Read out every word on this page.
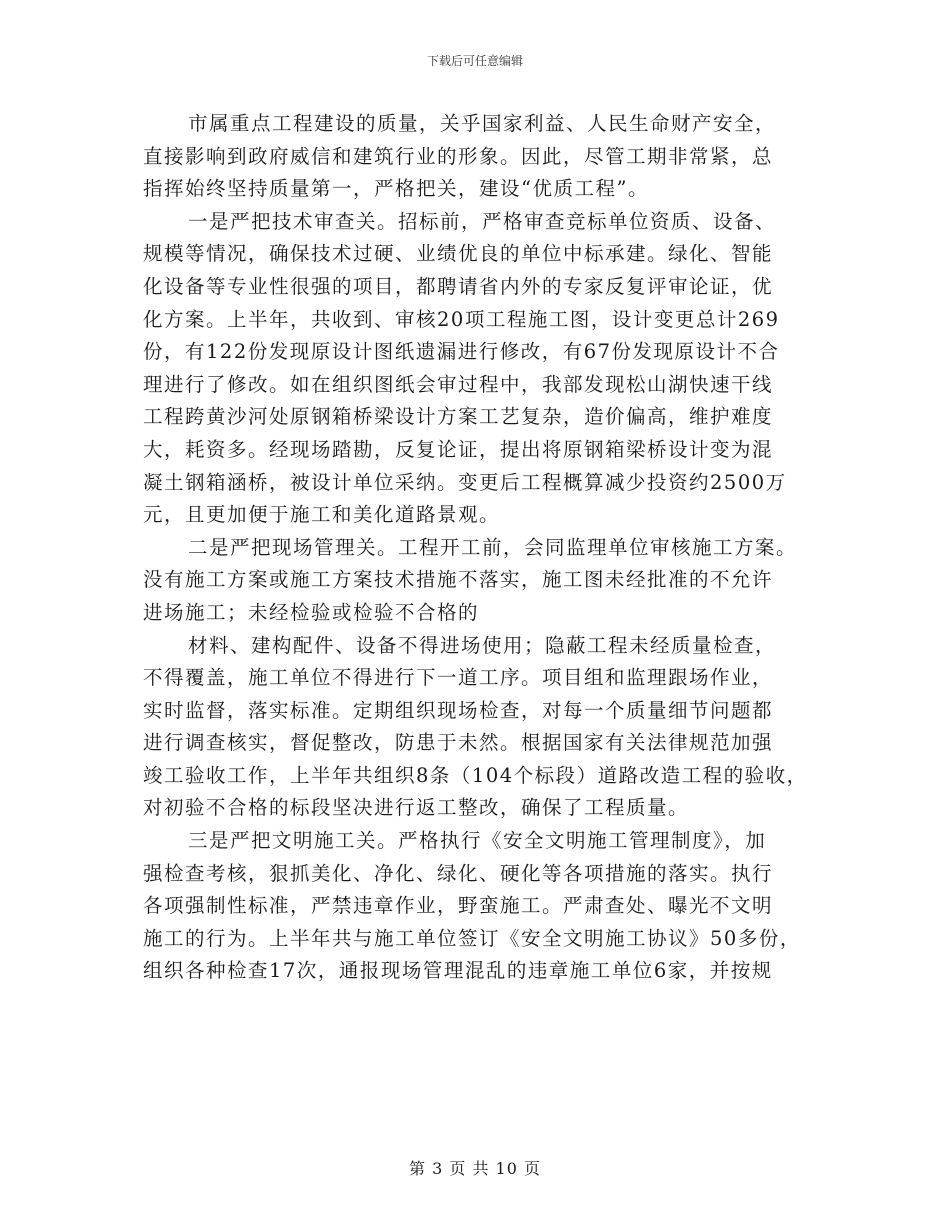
下载后可任意编辑

市属重点工程建设的质量，关乎国家利益、人民生命财产安全，
直接影响到政府威信和建筑行业的形象。因此，尽管工期非常紧，总
指挥始终坚持质量第一，严格把关，建设“优质工程”。

一是严把技术审查关。招标前，严格审查竞标单位资质、设备、
规模等情况，确保技术过硬、业绩优良的单位中标承建。绿化、智能
化设备等专业性很强的项目，都聘请省内外的专家反复评审论证，优
化方案。上半年，共收到、审核20项工程施工图，设计变更总计269
份，有122份发现原设计图纸遗漏进行修改，有67份发现原设计不合
理进行了修改。如在组织图纸会审过程中，我部发现松山湖快速干线
工程跨黄沙河处原钢箱桥梁设计方案工艺复杂，造价偏高，维护难度
大，耗资多。经现场踏勘，反复论证，提出将原钢箱梁桥设计变为混
凝土钢箱涵桥，被设计单位采纳。变更后工程概算减少投资约2500万
元，且更加便于施工和美化道路景观。

二是严把现场管理关。工程开工前，会同监理单位审核施工方案。
没有施工方案或施工方案技术措施不落实，施工图未经批准的不允许
进场施工；未经检验或检验不合格的

材料、建构配件、设备不得进场使用；隐蔽工程未经质量检查，
不得覆盖，施工单位不得进行下一道工序。项目组和监理跟场作业，
实时监督，落实标准。定期组织现场检查，对每一个质量细节问题都
进行调查核实，督促整改，防患于未然。根据国家有关法律规范加强
竣工验收工作，上半年共组织8条（104个标段）道路改造工程的验收，
对初验不合格的标段坚决进行返工整改，确保了工程质量。

三是严把文明施工关。严格执行《安全文明施工管理制度》，加
强检查考核，狠抓美化、净化、绿化、硬化等各项措施的落实。执行
各项强制性标准，严禁违章作业，野蛮施工。严肃查处、曝光不文明
施工的行为。上半年共与施工单位签订《安全文明施工协议》50多份，
组织各种检查17次，通报现场管理混乱的违章施工单位6家，并按规

第 3 页 共 10 页
